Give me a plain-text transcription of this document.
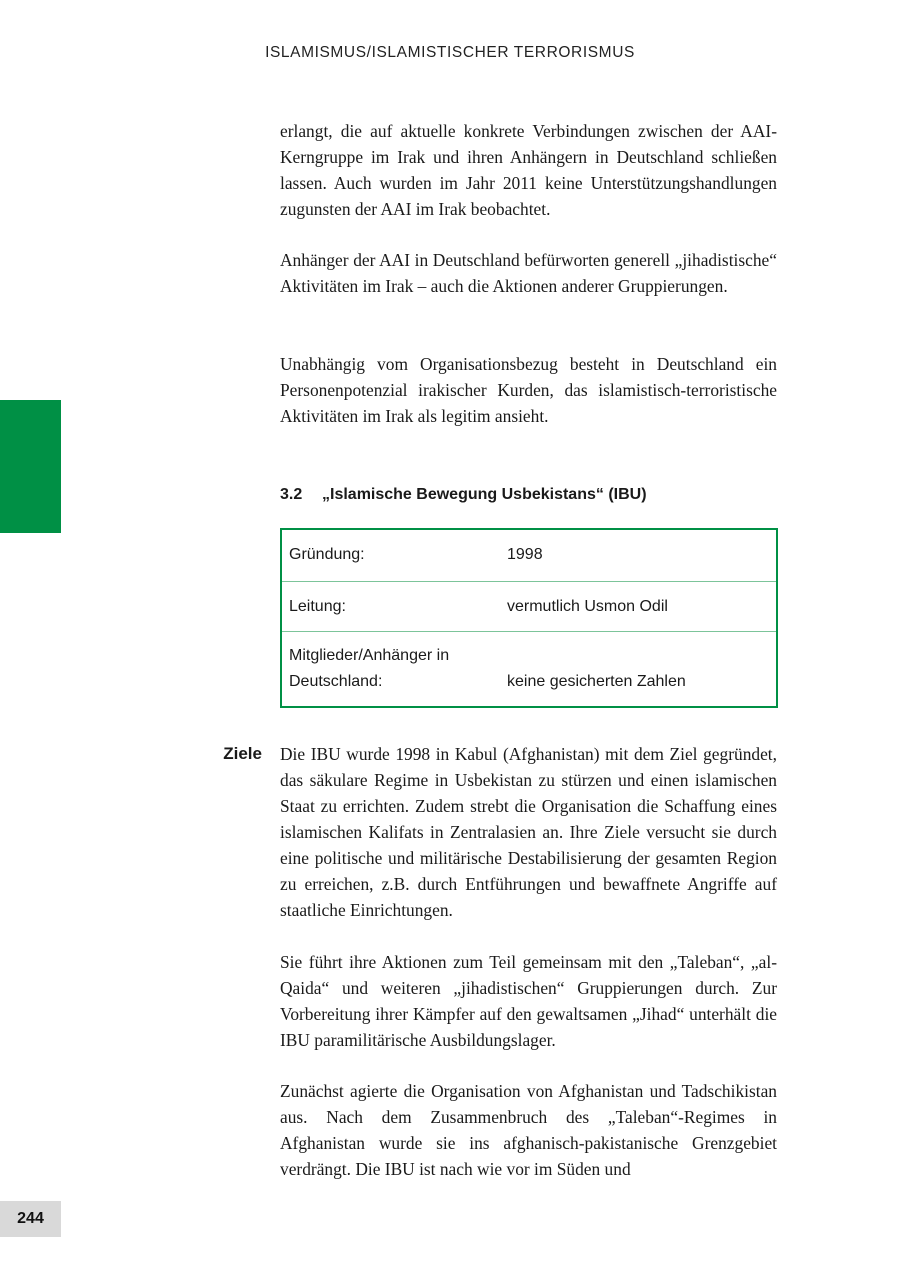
ISLAMISMUS/ISLAMISTISCHER TERRORISMUS

erlangt, die auf aktuelle konkrete Verbindungen zwischen der AAI-Kerngruppe im Irak und ihren Anhängern in Deutschland schließen lassen. Auch wurden im Jahr 2011 keine Unterstützungshandlungen zugunsten der AAI im Irak beobachtet.

Anhänger der AAI in Deutschland befürworten generell „jihadistische“ Aktivitäten im Irak – auch die Aktionen anderer Gruppierungen.

Unabhängig vom Organisationsbezug besteht in Deutschland ein Personenpotenzial irakischer Kurden, das islamistisch-terroristische Aktivitäten im Irak als legitim ansieht.

3.2 „Islamische Bewegung Usbekistans“ (IBU)
Gründung:	1998
Leitung:	vermutlich Usmon Odil
Mitglieder/Anhänger in Deutschland:	keine gesicherten Zahlen
Ziele Die IBU wurde 1998 in Kabul (Afghanistan) mit dem Ziel gegründet, das säkulare Regime in Usbekistan zu stürzen und einen islamischen Staat zu errichten. Zudem strebt die Organisation die Schaffung eines islamischen Kalifats in Zentralasien an. Ihre Ziele versucht sie durch eine politische und militärische Destabilisierung der gesamten Region zu erreichen, z.B. durch Entführungen und bewaffnete Angriffe auf staatliche Einrichtungen.

Sie führt ihre Aktionen zum Teil gemeinsam mit den „Taleban“, „al-Qaida“ und weiteren „jihadistischen“ Gruppierungen durch. Zur Vorbereitung ihrer Kämpfer auf den gewaltsamen „Jihad“ unterhält die IBU paramilitärische Ausbildungslager.

Zunächst agierte die Organisation von Afghanistan und Tadschikistan aus. Nach dem Zusammenbruch des „Taleban“-Regimes in Afghanistan wurde sie ins afghanisch-pakistanische Grenzgebiet verdrängt. Die IBU ist nach wie vor im Süden und

244
